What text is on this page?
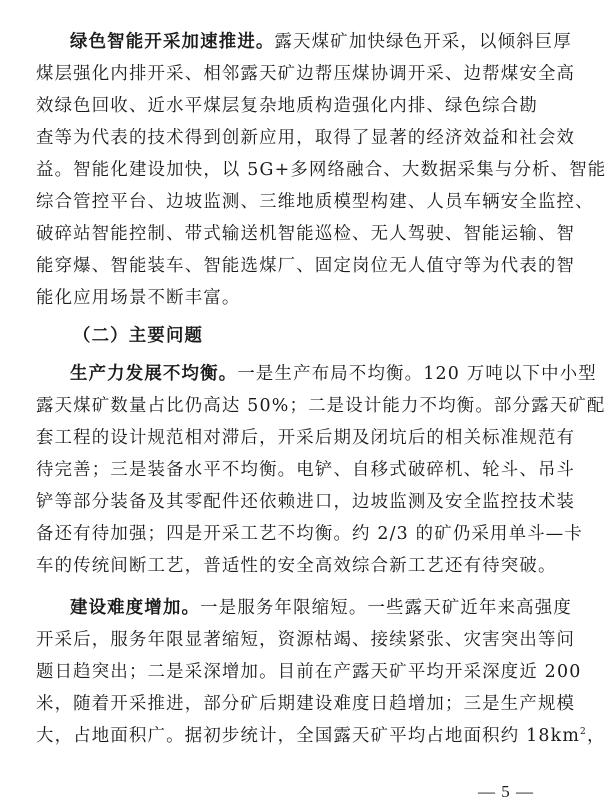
绿色智能开采加速推进。露天煤矿加快绿色开采，以倾斜巨厚
煤层强化内排开采、相邻露天矿边帮压煤协调开采、边帮煤安全高
效绿色回收、近水平煤层复杂地质构造强化内排、绿色综合勘
查等为代表的技术得到创新应用，取得了显著的经济效益和社会效
益。智能化建设加快，以 5G+多网络融合、大数据采集与分析、智能
综合管控平台、边坡监测、三维地质模型构建、人员车辆安全监控、
破碎站智能控制、带式输送机智能巡检、无人驾驶、智能运输、智
能穿爆、智能装车、智能选煤厂、固定岗位无人值守等为代表的智
能化应用场景不断丰富。
（二）主要问题
生产力发展不均衡。一是生产布局不均衡。120 万吨以下中小型
露天煤矿数量占比仍高达 50%；二是设计能力不均衡。部分露天矿配
套工程的设计规范相对滞后，开采后期及闭坑后的相关标准规范有
待完善；三是装备水平不均衡。电铲、自移式破碎机、轮斗、吊斗
铲等部分装备及其零配件还依赖进口，边坡监测及安全监控技术装
备还有待加强；四是开采工艺不均衡。约 2/3 的矿仍采用单斗—卡
车的传统间断工艺，普适性的安全高效综合新工艺还有待突破。
建设难度增加。一是服务年限缩短。一些露天矿近年来高强度
开采后，服务年限显著缩短，资源枯竭、接续紧张、灾害突出等问
题日趋突出；二是采深增加。目前在产露天矿平均开采深度近 200
米，随着开采推进，部分矿后期建设难度日趋增加；三是生产规模
大，占地面积广。据初步统计，全国露天矿平均占地面积约 $18km^2$，
— 5 —
